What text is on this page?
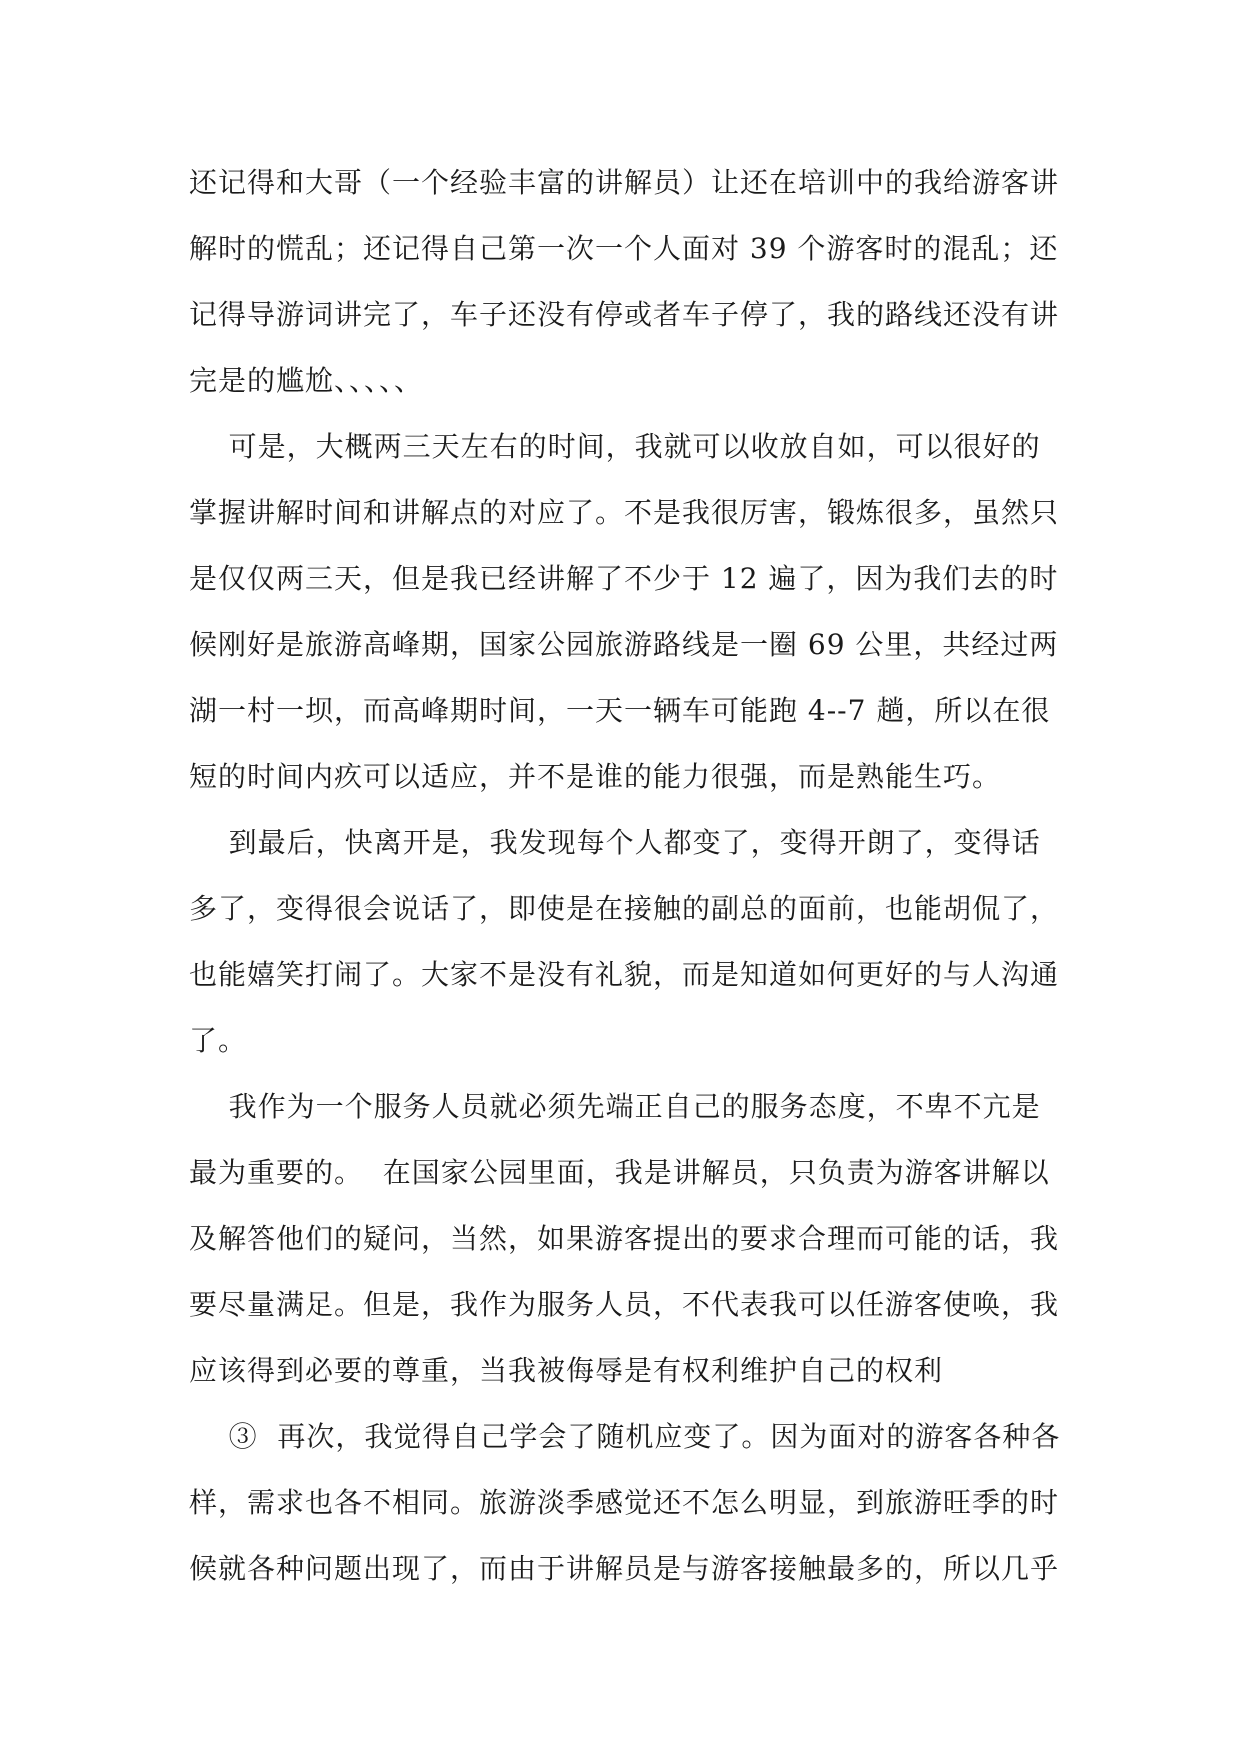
还记得和大哥（一个经验丰富的讲解员）让还在培训中的我给游客讲
解时的慌乱；还记得自己第一次一个人面对 39 个游客时的混乱；还
记得导游词讲完了，车子还没有停或者车子停了，我的路线还没有讲
完是的尴尬、、、、、
可是，大概两三天左右的时间，我就可以收放自如，可以很好的
掌握讲解时间和讲解点的对应了。不是我很厉害，锻炼很多，虽然只
是仅仅两三天，但是我已经讲解了不少于 12 遍了，因为我们去的时
候刚好是旅游高峰期，国家公园旅游路线是一圈 69 公里，共经过两
湖一村一坝，而高峰期时间，一天一辆车可能跑 4--7 趟，所以在很
短的时间内疚可以适应，并不是谁的能力很强，而是熟能生巧。
到最后，快离开是，我发现每个人都变了，变得开朗了，变得话
多了，变得很会说话了，即使是在接触的副总的面前，也能胡侃了，
也能嬉笑打闹了。大家不是没有礼貌，而是知道如何更好的与人沟通
了。
我作为一个服务人员就必须先端正自己的服务态度，不卑不亢是
最为重要的。  在国家公园里面，我是讲解员，只负责为游客讲解以
及解答他们的疑问，当然，如果游客提出的要求合理而可能的话，我
要尽量满足。但是，我作为服务人员，不代表我可以任游客使唤，我
应该得到必要的尊重，当我被侮辱是有权利维护自己的权利
③  再次，我觉得自己学会了随机应变了。因为面对的游客各种各
样，需求也各不相同。旅游淡季感觉还不怎么明显，到旅游旺季的时
候就各种问题出现了，而由于讲解员是与游客接触最多的，所以几乎
